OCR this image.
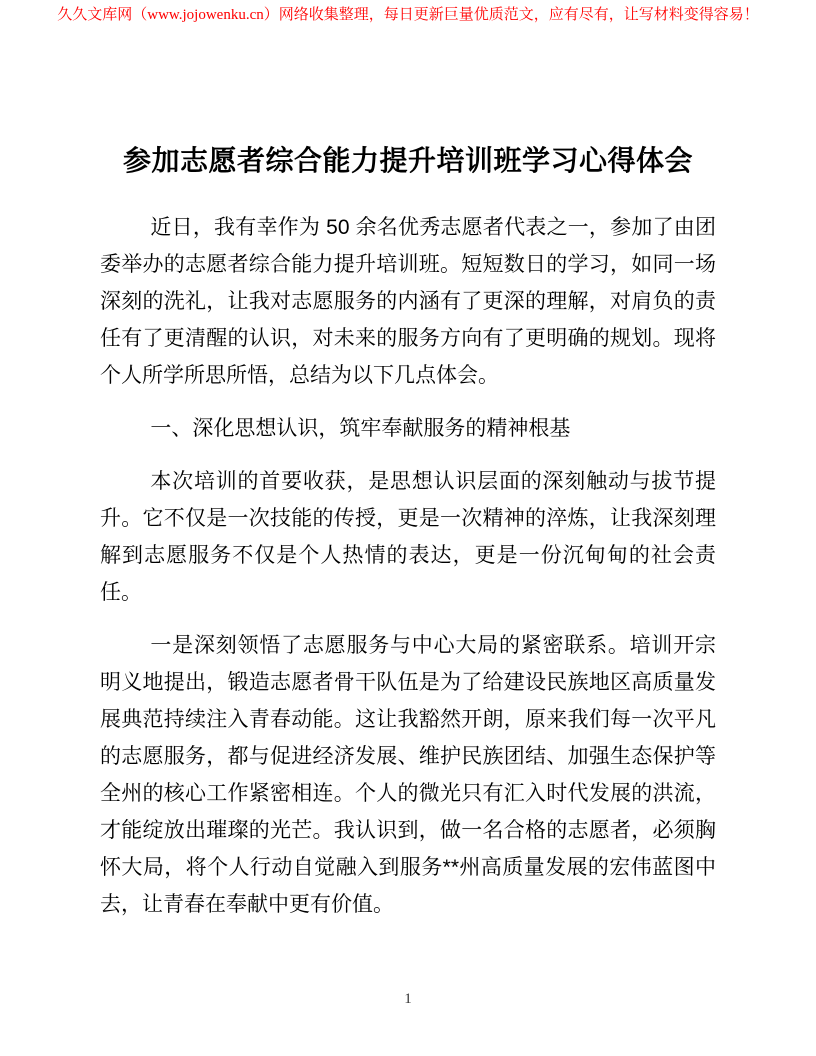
久久文库网（www.jojowenku.cn）网络收集整理，每日更新巨量优质范文，应有尽有，让写材料变得容易！
参加志愿者综合能力提升培训班学习心得体会

近日，我有幸作为 50 余名优秀志愿者代表之一，参加了由团委举办的志愿者综合能力提升培训班。短短数日的学习，如同一场深刻的洗礼，让我对志愿服务的内涵有了更深的理解，对肩负的责任有了更清醒的认识，对未来的服务方向有了更明确的规划。现将个人所学所思所悟，总结为以下几点体会。

一、深化思想认识，筑牢奉献服务的精神根基

本次培训的首要收获，是思想认识层面的深刻触动与拔节提升。它不仅是一次技能的传授，更是一次精神的淬炼，让我深刻理解到志愿服务不仅是个人热情的表达，更是一份沉甸甸的社会责任。

一是深刻领悟了志愿服务与中心大局的紧密联系。培训开宗明义地提出，锻造志愿者骨干队伍是为了给建设民族地区高质量发展典范持续注入青春动能。这让我豁然开朗，原来我们每一次平凡的志愿服务，都与促进经济发展、维护民族团结、加强生态保护等全州的核心工作紧密相连。个人的微光只有汇入时代发展的洪流，才能绽放出璀璨的光芒。我认识到，做一名合格的志愿者，必须胸怀大局，将个人行动自觉融入到服务**州高质量发展的宏伟蓝图中去，让青春在奉献中更有价值。

1
